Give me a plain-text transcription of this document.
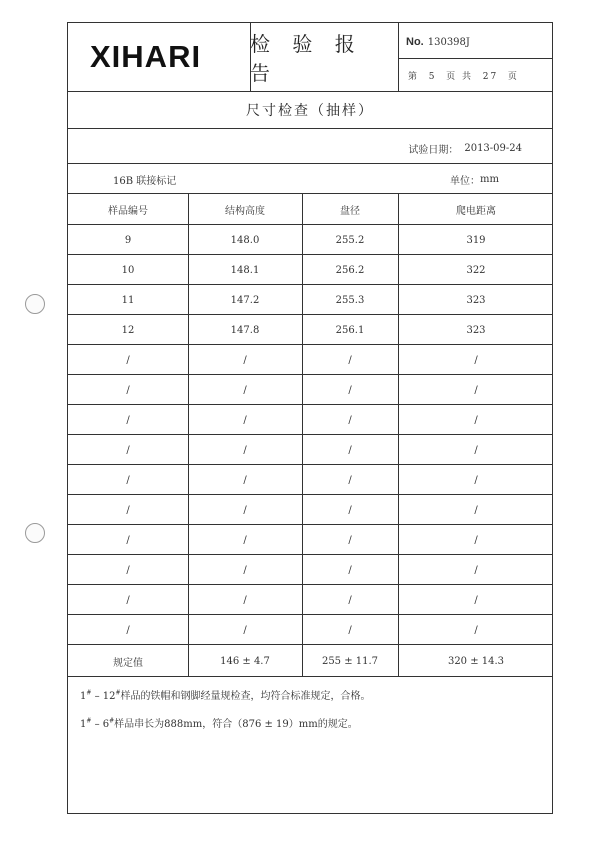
XIHARI 检 验 报 告
No. 130398J
第  5  页 共  27  页
尺寸检查（抽样）
试验日期： 2013-09-24
16B 联接标记	单位： mm
样品编号	结构高度	盘径	爬电距离
9	148.0	255.2	319
10	148.1	256.2	322
11	147.2	255.3	323
12	147.8	256.1	323
/	/	/	/
/	/	/	/
/	/	/	/
/	/	/	/
/	/	/	/
/	/	/	/
/	/	/	/
/	/	/	/
/	/	/	/
/	/	/	/
规定值	146 ± 4.7	255 ± 11.7	320 ± 14.3

1# – 12#样品的铁帽和钢脚经量规检查，均符合标准规定，合格。

1# – 6#样品串长为888mm，符合（876 ± 19）mm的规定。
